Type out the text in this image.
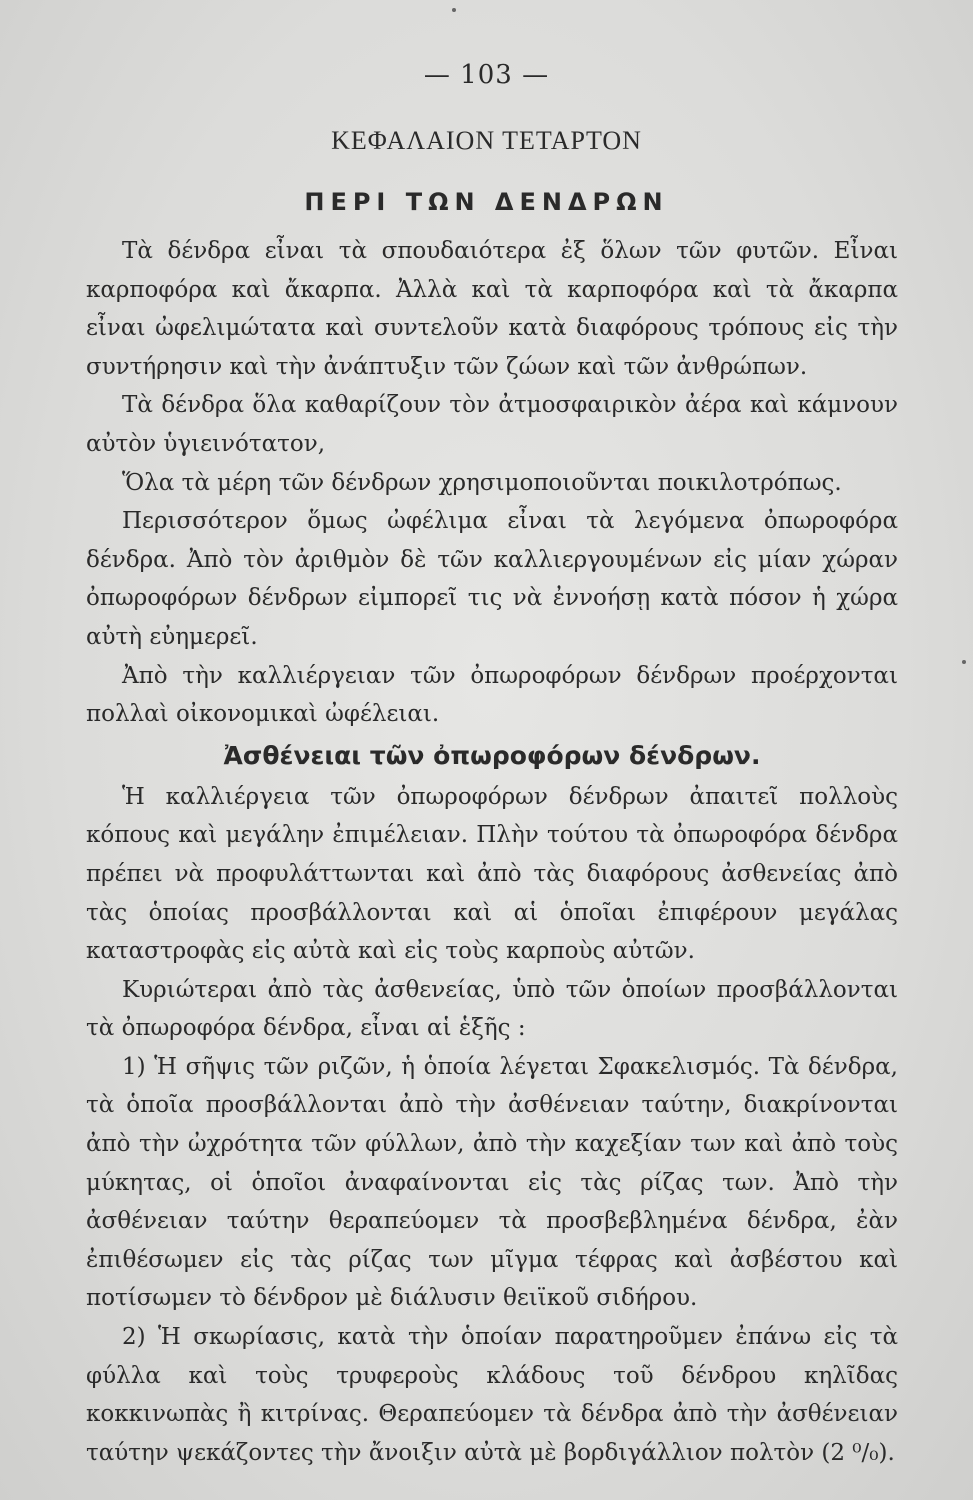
— 103 —
ΚΕΦΑΛΑΙΟΝ ΤΕΤΑΡΤΟΝ
ΠΕΡΙ ΤΩΝ ΔΕΝΔΡΩΝ

Τὰ δένδρα εἶναι τὰ σπουδαιότερα ἐξ ὅλων τῶν φυτῶν. Εἶναι καρποφόρα καὶ ἄκαρπα. Ἀλλὰ καὶ τὰ καρποφόρα καὶ τὰ ἄκαρπα εἶναι ὠφελιμώτατα καὶ συντελοῦν κατὰ διαφόρους τρόπους εἰς τὴν συντήρησιν καὶ τὴν ἀνάπτυξιν τῶν ζώων καὶ τῶν ἀνθρώπων.

Τὰ δένδρα ὅλα καθαρίζουν τὸν ἀτμοσφαιρικὸν ἀέρα καὶ κάμνουν αὐτὸν ὑγιεινότατον,

Ὅλα τὰ μέρη τῶν δένδρων χρησιμοποιοῦνται ποικιλοτρόπως.

Περισσότερον ὅμως ὠφέλιμα εἶναι τὰ λεγόμενα ὀπωροφόρα δένδρα. Ἀπὸ τὸν ἀριθμὸν δὲ τῶν καλλιεργουμένων εἰς μίαν χώραν ὀπωροφόρων δένδρων εἰμπορεῖ τις νὰ ἐννοήσῃ κατὰ πόσον ἡ χώρα αὐτὴ εὐημερεῖ.

Ἀπὸ τὴν καλλιέργειαν τῶν ὀπωροφόρων δένδρων προέρχονται πολλαὶ οἰκονομικαὶ ὠφέλειαι.

Ἀσθένειαι τῶν ὀπωροφόρων δένδρων.

Ἡ καλλιέργεια τῶν ὀπωροφόρων δένδρων ἀπαιτεῖ πολλοὺς κόπους καὶ μεγάλην ἐπιμέλειαν. Πλὴν τούτου τὰ ὀπωροφόρα δένδρα πρέπει νὰ προφυλάττωνται καὶ ἀπὸ τὰς διαφόρους ἀσθενείας ἀπὸ τὰς ὁποίας προσβάλλονται καὶ αἱ ὁποῖαι ἐπιφέρουν μεγάλας καταστροφὰς εἰς αὐτὰ καὶ εἰς τοὺς καρποὺς αὐτῶν.

Κυριώτεραι ἀπὸ τὰς ἀσθενείας, ὑπὸ τῶν ὁποίων προσβάλλονται τὰ ὀπωροφόρα δένδρα, εἶναι αἱ ἑξῆς :

1) Ἡ σῆψις τῶν ριζῶν, ἡ ὁποία λέγεται Σφακελισμός. Τὰ δένδρα, τὰ ὁποῖα προσβάλλονται ἀπὸ τὴν ἀσθένειαν ταύτην, διακρίνονται ἀπὸ τὴν ὠχρότητα τῶν φύλλων, ἀπὸ τὴν καχεξίαν των καὶ ἀπὸ τοὺς μύκητας, οἱ ὁποῖοι ἀναφαίνονται εἰς τὰς ρίζας των. Ἀπὸ τὴν ἀσθένειαν ταύτην θεραπεύομεν τὰ προσβεβλημένα δένδρα, ἐὰν ἐπιθέσωμεν εἰς τὰς ρίζας των μῖγμα τέφρας καὶ ἀσβέστου καὶ ποτίσωμεν τὸ δένδρον μὲ διάλυσιν θειϊκοῦ σιδήρου.

2) Ἡ σκωρίασις, κατὰ τὴν ὁποίαν παρατηροῦμεν ἐπάνω εἰς τὰ φύλλα καὶ τοὺς τρυφεροὺς κλάδους τοῦ δένδρου κηλῖδας κοκκινωπὰς ἢ κιτρίνας. Θεραπεύομεν τὰ δένδρα ἀπὸ τὴν ἀσθένειαν ταύτην ψεκάζοντες τὴν ἄνοιξιν αὐτὰ μὲ βορδιγάλλιον πολτὸν (2 ⁰/₀).
